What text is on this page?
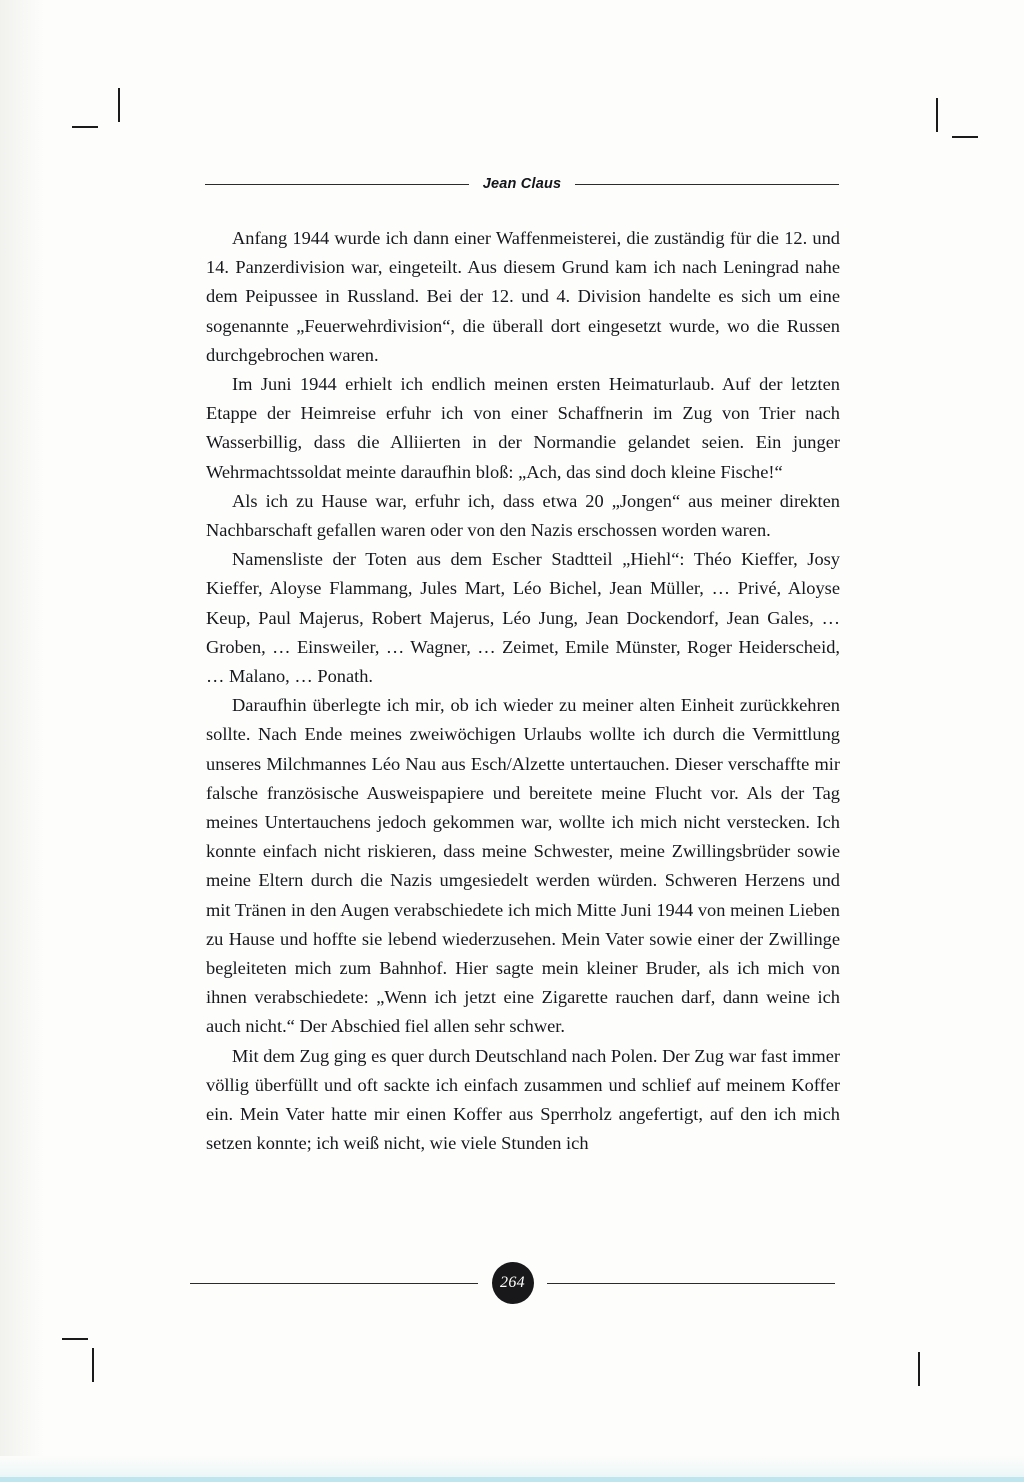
Jean Claus

Anfang 1944 wurde ich dann einer Waffenmeisterei, die zuständig für die 12. und 14. Panzerdivision war, eingeteilt. Aus diesem Grund kam ich nach Leningrad nahe dem Peipussee in Russland. Bei der 12. und 4. Division handelte es sich um eine sogenannte „Feuerwehrdivision“, die überall dort eingesetzt wurde, wo die Russen durchgebrochen waren.

Im Juni 1944 erhielt ich endlich meinen ersten Heimaturlaub. Auf der letzten Etappe der Heimreise erfuhr ich von einer Schaffnerin im Zug von Trier nach Wasserbillig, dass die Alliierten in der Normandie gelandet seien. Ein junger Wehrmachtssoldat meinte daraufhin bloß: „Ach, das sind doch kleine Fische!“

Als ich zu Hause war, erfuhr ich, dass etwa 20 „Jongen“ aus meiner direkten Nachbarschaft gefallen waren oder von den Nazis erschossen worden waren.

Namensliste der Toten aus dem Escher Stadtteil „Hiehl“: Théo Kieffer, Josy Kieffer, Aloyse Flammang, Jules Mart, Léo Bichel, Jean Müller, … Privé, Aloyse Keup, Paul Majerus, Robert Majerus, Léo Jung, Jean Dockendorf, Jean Gales, … Groben, … Einsweiler, … Wagner, … Zeimet, Emile Münster, Roger Heiderscheid, … Malano, … Ponath.

Daraufhin überlegte ich mir, ob ich wieder zu meiner alten Einheit zurückkehren sollte. Nach Ende meines zweiwöchigen Urlaubs wollte ich durch die Vermittlung unseres Milchmannes Léo Nau aus Esch/Alzette untertauchen. Dieser verschaffte mir falsche französische Ausweispapiere und bereitete meine Flucht vor. Als der Tag meines Untertauchens jedoch gekommen war, wollte ich mich nicht verstecken. Ich konnte einfach nicht riskieren, dass meine Schwester, meine Zwillingsbrüder sowie meine Eltern durch die Nazis umgesiedelt werden würden. Schweren Herzens und mit Tränen in den Augen verabschiedete ich mich Mitte Juni 1944 von meinen Lieben zu Hause und hoffte sie lebend wiederzusehen. Mein Vater sowie einer der Zwillinge begleiteten mich zum Bahnhof. Hier sagte mein kleiner Bruder, als ich mich von ihnen verabschiedete: „Wenn ich jetzt eine Zigarette rauchen darf, dann weine ich auch nicht.“ Der Abschied fiel allen sehr schwer.

Mit dem Zug ging es quer durch Deutschland nach Polen. Der Zug war fast immer völlig überfüllt und oft sackte ich einfach zusammen und schlief auf meinem Koffer ein. Mein Vater hatte mir einen Koffer aus Sperrholz angefertigt, auf den ich mich setzen konnte; ich weiß nicht, wie viele Stunden ich

264
